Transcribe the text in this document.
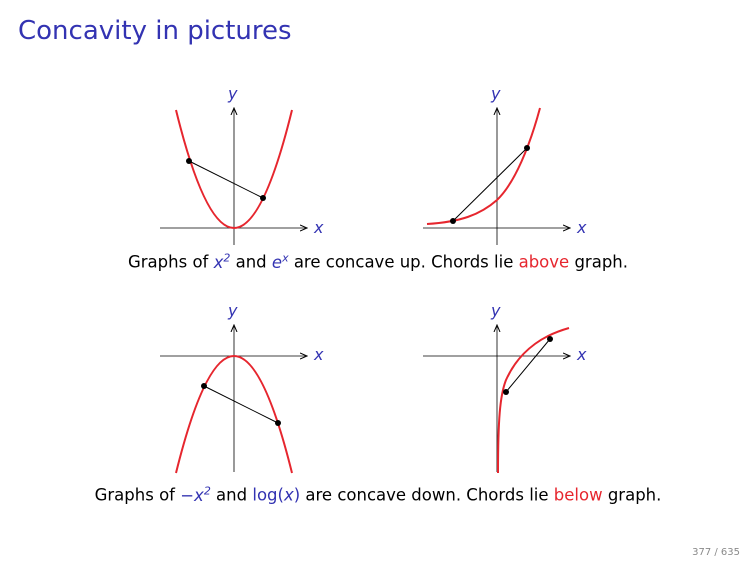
Concavity in pictures
x
y
x
y
x
y
x
y
Graphs of $x^2$ and $e^x$ are concave up. Chords lie above graph.
Graphs of $-x^2$ and log(x) are concave down. Chords lie below graph.
377 / 635
